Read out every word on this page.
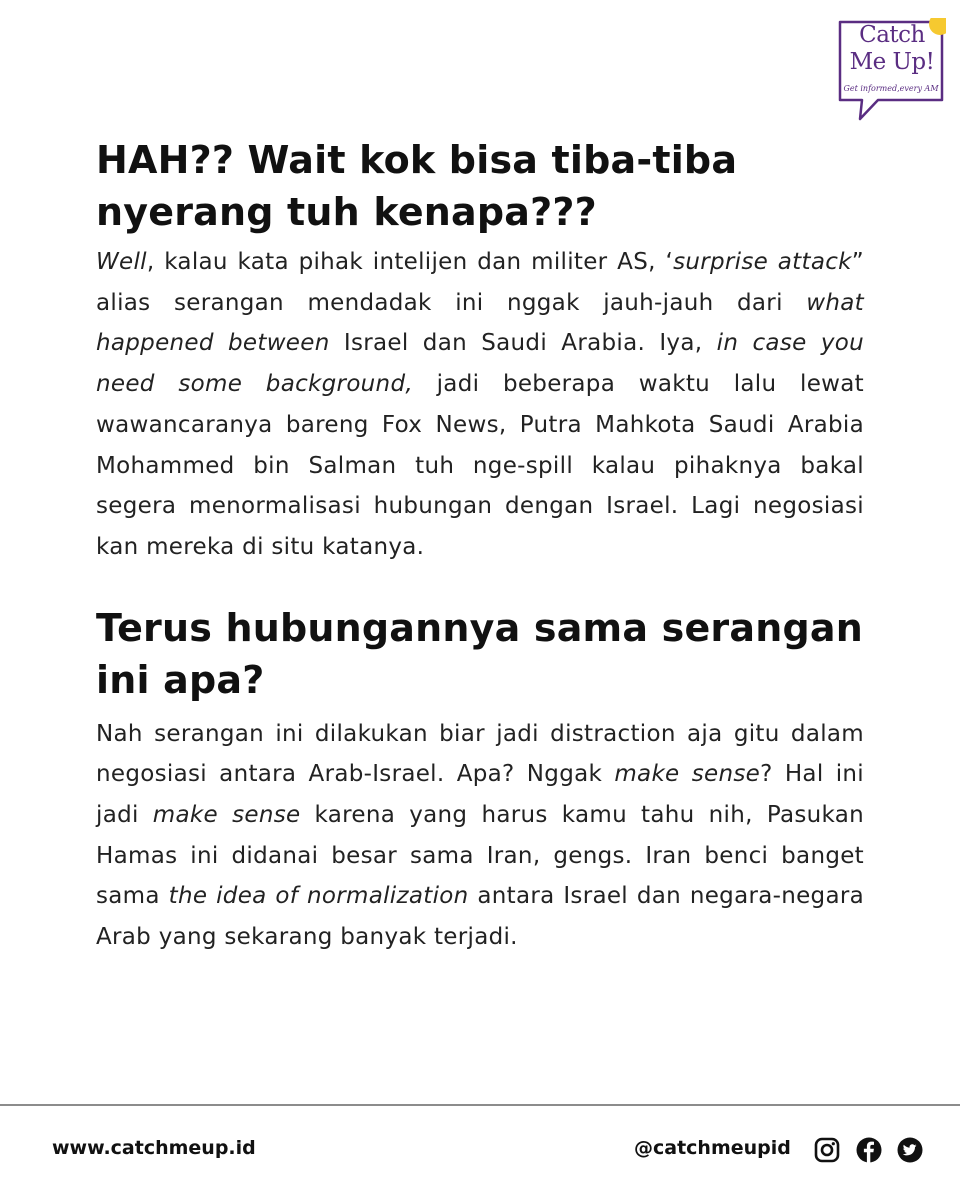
Catch
Me Up!
Get informed,every AM
HAH?? Wait kok bisa tiba-tiba nyerang tuh kenapa???

Well, kalau kata pihak intelijen dan militer AS, ‘surprise attack” alias serangan mendadak ini nggak jauh-jauh dari what happened between Israel dan Saudi Arabia. Iya, in case you need some background, jadi beberapa waktu lalu lewat wawancaranya bareng Fox News, Putra Mahkota Saudi Arabia Mohammed bin Salman tuh nge-spill kalau pihaknya bakal segera menormalisasi hubungan dengan Israel. Lagi negosiasi kan mereka di situ katanya.

Terus hubungannya sama serangan ini apa?

Nah serangan ini dilakukan biar jadi distraction aja gitu dalam negosiasi antara Arab-Israel. Apa? Nggak make sense? Hal ini jadi make sense karena yang harus kamu tahu nih, Pasukan Hamas ini didanai besar sama Iran, gengs. Iran benci banget sama the idea of normalization antara Israel dan negara-negara Arab yang sekarang banyak terjadi.

www.catchmeup.id	@catchmeupid
